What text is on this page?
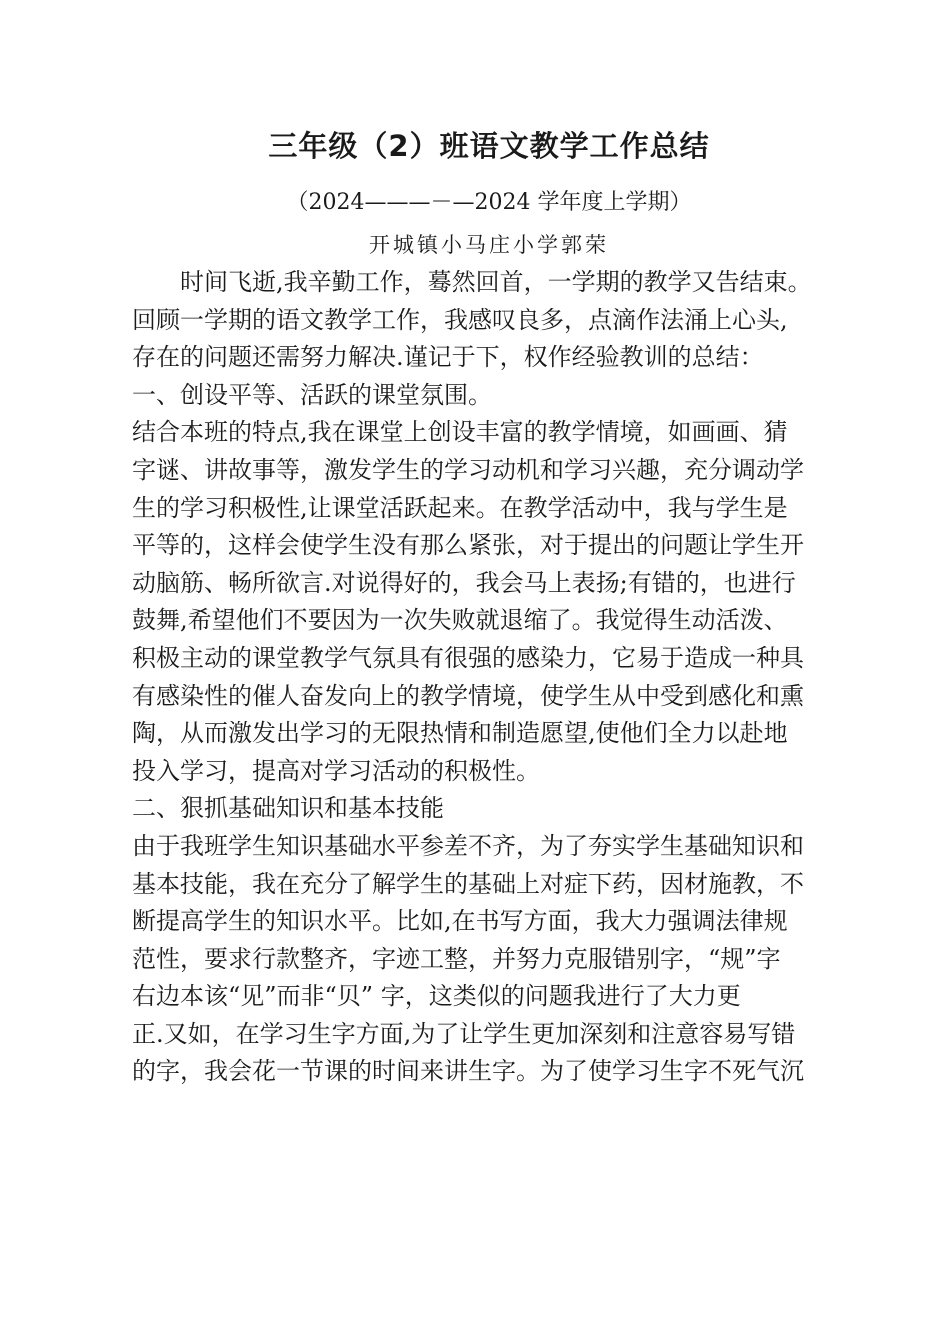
三年级（2）班语文教学工作总结
（2024———－—2024 学年度上学期）
开城镇小马庄小学郭荣
时间飞逝,我辛勤工作，蓦然回首，一学期的教学又告结束。
回顾一学期的语文教学工作，我感叹良多，点滴作法涌上心头,
存在的问题还需努力解决.谨记于下，权作经验教训的总结：
一、创设平等、活跃的课堂氛围。
结合本班的特点,我在课堂上创设丰富的教学情境，如画画、猜
字谜、讲故事等，激发学生的学习动机和学习兴趣，充分调动学
生的学习积极性,让课堂活跃起来。在教学活动中，我与学生是
平等的，这样会使学生没有那么紧张，对于提出的问题让学生开
动脑筋、畅所欲言.对说得好的，我会马上表扬;有错的，也进行
鼓舞,希望他们不要因为一次失败就退缩了。我觉得生动活泼、
积极主动的课堂教学气氛具有很强的感染力，它易于造成一种具
有感染性的催人奋发向上的教学情境，使学生从中受到感化和熏
陶，从而激发出学习的无限热情和制造愿望,使他们全力以赴地
投入学习，提高对学习活动的积极性。
二、狠抓基础知识和基本技能
由于我班学生知识基础水平参差不齐，为了夯实学生基础知识和
基本技能，我在充分了解学生的基础上对症下药，因材施教，不
断提高学生的知识水平。比如,在书写方面，我大力强调法律规
范性，要求行款整齐，字迹工整，并努力克服错别字，“规”字
右边本该“见”而非“贝” 字，这类似的问题我进行了大力更
正.又如，在学习生字方面,为了让学生更加深刻和注意容易写错
的字，我会花一节课的时间来讲生字。为了使学习生字不死气沉
